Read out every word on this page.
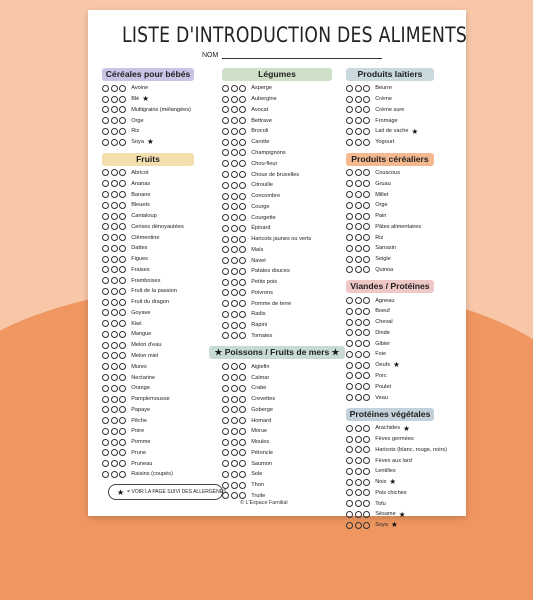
LISTE D'INTRODUCTION DES ALIMENTS
NOM
Céréales pour bébés
Avoine
Blé ★
Multigrains (mélangées)
Orge
Riz
Soya ★
Fruits
Abricot
Ananas
Banane
Bleuets
Cantaloup
Cerises dénoyautées
Clémentine
Dattes
Figues
Fraises
Framboises
Fruit de la passion
Fruit du dragon
Goyave
Kiwi
Mangue
Melon d'eau
Melon miel
Mures
Nectarine
Orange
Pamplemousse
Papaye
Pêche
Poire
Pomme
Prune
Pruneau
Raisins (coupés)
Légumes
Asperge
Aubergine
Avocat
Bettrave
Brocoli
Carotte
Champignons
Chou-fleur
Choux de bruxelles
Citrouille
Concombre
Courge
Courgette
Épinard
Haricots jaunes ou verts
Maïs
Navet
Patates douces
Petits pois
Poivrons
Pomme de terre
Radis
Rapini
Tomates
★ Poissons / Fruits de mers ★
Aiglefin
Calmar
Crabe
Crevettes
Goberge
Homard
Morue
Moules
Pétoncle
Saumon
Sole
Thon
Truite
Produits laitiers
Beurre
Crème
Crème sure
Fromage
Lait de vache ★
Yogourt
Produits céréaliers
Couscous
Gruau
Millet
Orge
Pain
Pâtes alimentaires
Riz
Sarrasin
Seigle
Quinoa
Viandes / Protéines
Agneau
Boeuf
Cheval
Dinde
Gibier
Foie
Oeufs ★
Porc
Poulet
Veau
Protéines végétales
Arachides ★
Fèves germées
Haricots (blanc, rouge, noirs)
Fèves aux lard
Lentilles
Noix ★
Pois chiches
Tofu
Sésame ★
Soya ★
★ = VOIR LA PAGE SUIVI DES ALLERGÈNES.
© L'Espace Familial
